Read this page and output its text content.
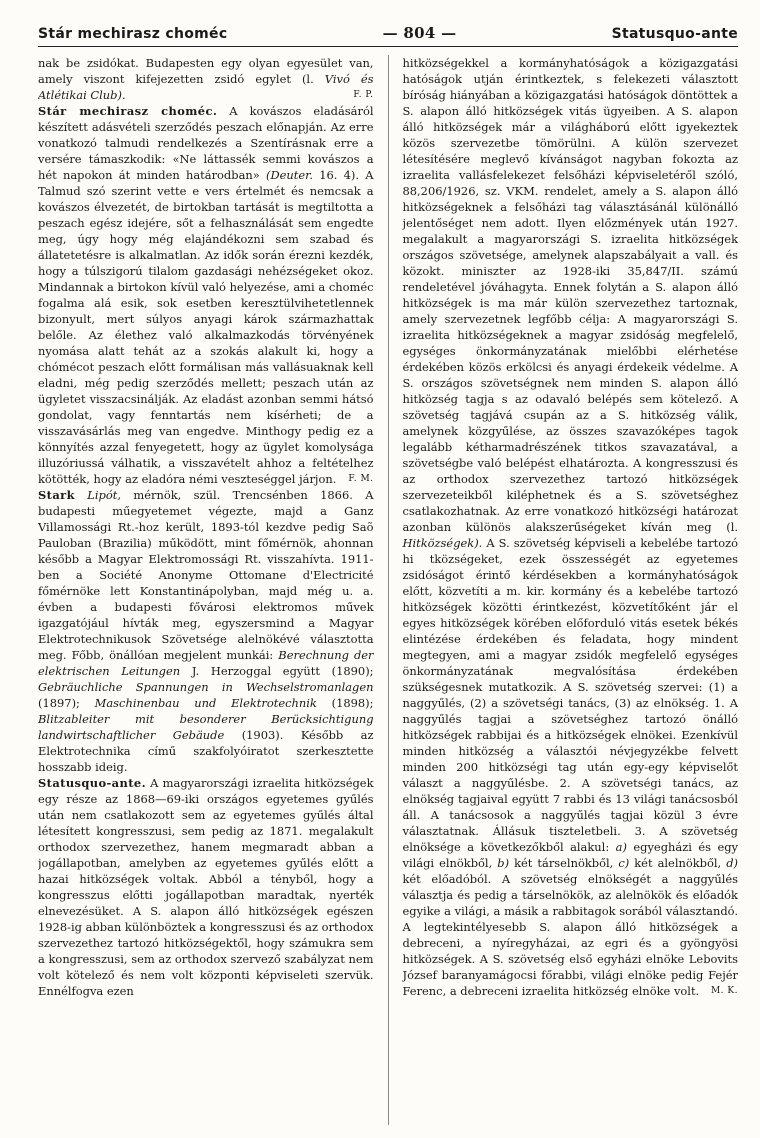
Stár mechirasz choméc	— 804 —	Statusquo-ante

nak be zsidókat. Budapesten egy olyan egyesület van, amely viszont kifejezetten zsidó egylet (l. Vivó és Atlétikai Club).	F. P.

Stár mechirasz choméc. A kovászos eladásáról készített adásvételi szerződés peszach előnapján. Az erre vonatkozó talmudi rendelkezés a Szentírásnak erre a versére támaszkodik: «Ne láttassék semmi kovászos a hét napokon át minden határodban» (Deuter. 16. 4). A Talmud szó szerint vette e vers értelmét és nemcsak a kovászos élvezetét, de birtokban tartását is megtiltotta a peszach egész idejére, sőt a felhasználását sem engedte meg, úgy hogy még elajándékozni sem szabad és állatetetésre is alkalmatlan. Az idők során érezni kezdék, hogy a túlszigorú tilalom gazdasági nehézségeket okoz. Mindannak a birtokon kívül való helyezése, ami a choméc fogalma alá esik, sok esetben keresztülvihetetlennek bizonyult, mert súlyos anyagi károk származhattak belőle. Az élethez való alkalmazkodás törvényének nyomása alatt tehát az a szokás alakult ki, hogy a chómécot peszach előtt formálisan más vallásuaknak kell eladni, még pedig szerződés mellett; peszach után az ügyletet visszacsinálják. Az eladást azonban semmi hátsó gondolat, vagy fenntartás nem kísérheti; de a visszavásárlás meg van engedve. Minthogy pedig ez a könnyítés azzal fenyegetett, hogy az ügylet komolysága illuzóriussá válhatik, a visszavételt ahhoz a feltételhez kötötték, hogy az eladóra némi veszteséggel járjon. F. M.

Stark Lipót, mérnök, szül. Trencsénben 1866. A budapesti műegyetemet végezte, majd a Ganz Villamossági Rt.-hoz került, 1893-tól kezdve pedig Saõ Pauloban (Brazilia) működött, mint főmérnök, ahonnan később a Magyar Elektromossági Rt. visszahívta. 1911-ben a Société Anonyme Ottomane d'Electricité főmérnöke lett Konstantinápolyban, majd még u. a. évben a budapesti fővárosi elektromos művek igazgatójául hívták meg, egyszersmind a Magyar Elektrotechnikusok Szövetsége alelnökévé választotta meg. Főbb, önállóan megjelent munkái: Berechnung der elektrischen Leitungen J. Herzoggal együtt (1890); Gebräuchliche Spannungen in Wechselstromanlagen (1897); Maschinenbau und Elektrotechnik (1898); Blitzableiter mit besonderer Berücksichtigung landwirtschaftlicher Gebäude (1903). Később az Elektrotechnika című szakfolyóiratot szerkesztette hosszabb ideig.

Statusquo-ante. A magyarországi izraelita hitközségek egy része az 1868—69-iki országos egyetemes gyűlés után nem csatlakozott sem az egyetemes gyűlés által létesített kongresszusi, sem pedig az 1871. megalakult orthodox szervezethez, hanem megmaradt abban a jogállapotban, amelyben az egyetemes gyűlés előtt a hazai hitközségek voltak. Abból a tényből, hogy a kongresszus előtti jogállapotban maradtak, nyerték elnevezésüket. A S. alapon álló hitközségek egészen 1928-ig abban különböztek a kongresszusi és az orthodox szervezethez tartozó hitközségektől, hogy számukra sem a kongresszusi, sem az orthodox szervező szabályzat nem volt kötelező és nem volt központi képviseleti szervük. Ennélfogva ezen

hitközségekkel a kormányhatóságok a közigazgatási hatóságok utján érintkeztek, s felekezeti választott bíróság hiányában a közigazgatási hatóságok döntöttek a S. alapon álló hitközségek vitás ügyeiben. A S. alapon álló hitközségek már a világháború előtt igyekeztek közös szervezetbe tömörülni. A külön szervezet létesítésére meglevő kívánságot nagyban fokozta az izraelita vallásfelekezet felsőházi képviseletéről szóló, 88,206/1926, sz. VKM. rendelet, amely a S. alapon álló hitközségeknek a felsőházi tag választásánál különálló jelentőséget nem adott. Ilyen előzmények után 1927. megalakult a magyarországi S. izraelita hitközségek országos szövetsége, amelynek alapszabályait a vall. és közokt. miniszter az 1928-iki 35,847/II. számú rendeletével jóváhagyta. Ennek folytán a S. alapon álló hitközségek is ma már külön szervezethez tartoznak, amely szervezetnek legfőbb célja: A magyarországi S. izraelita hitközségeknek a magyar zsidóság megfelelő, egységes önkormányzatának mielőbbi elérhetése érdekében közös erkölcsi és anyagi érdekeik védelme. A S. országos szövetségnek nem minden S. alapon álló hitközség tagja s az odavaló belépés sem kötelező. A szövetség tagjává csupán az a S. hitközség válik, amelynek közgyűlése, az összes szavazóképes tagok legalább kétharmadrészének titkos szavazatával, a szövetségbe való belépést elhatározta. A kongresszusi és az orthodox szervezethez tartozó hitközségek szervezeteikből kiléphetnek és a S. szövetséghez csatlakozhatnak. Az erre vonatkozó hitközségi határozat azonban különös alakszerűségeket kíván meg (l. Hitközségek). A S. szövetség képviseli a kebelébe tartozó hi tközségeket, ezek összességét az egyetemes zsidóságot érintő kérdésekben a kormányhatóságok előtt, közvetíti a m. kir. kormány és a kebelébe tartozó hitközségek közötti érintkezést, közvetítőként jár el egyes hitközségek körében előforduló vitás esetek békés elintézése érdekében és feladata, hogy mindent megtegyen, ami a magyar zsidók megfelelő egységes önkormányzatának megvalósítása érdekében szükségesnek mutatkozik. A S. szövetség szervei: (1) a naggyűlés, (2) a szövetségi tanács, (3) az elnökség. 1. A naggyűlés tagjai a szövetséghez tartozó önálló hitközségek rabbijai és a hitközségek elnökei. Ezenkívül minden hitközség a választói névjegyzékbe felvett minden 200 hitközségi tag után egy-egy képviselőt választ a naggyűlésbe. 2. A szövetségi tanács, az elnökség tagjaival együtt 7 rabbi és 13 világi tanácsosból áll. A tanácsosok a naggyűlés tagjai közül 3 évre választatnak. Állásuk tiszteletbeli. 3. A szövetség elnöksége a következőkből alakul: a) egyegházi és egy világi elnökből, b) két társelnökből, c) két alelnökből, d) két előadóból. A szövetség elnökségét a naggyűlés választja és pedig a társelnökök, az alelnökök és előadók egyike a világi, a másik a rabbitagok sorából választandó. A legtekintélyesebb S. alapon álló hitközségek a debreceni, a nyíregyházai, az egri és a gyöngyösi hitközségek. A S. szövetség első egyházi elnöke Lebovits József baranyamágocsi főrabbi, világi elnöke pedig Fejér Ferenc, a debreceni izraelita hitközség elnöke volt. M. K.
